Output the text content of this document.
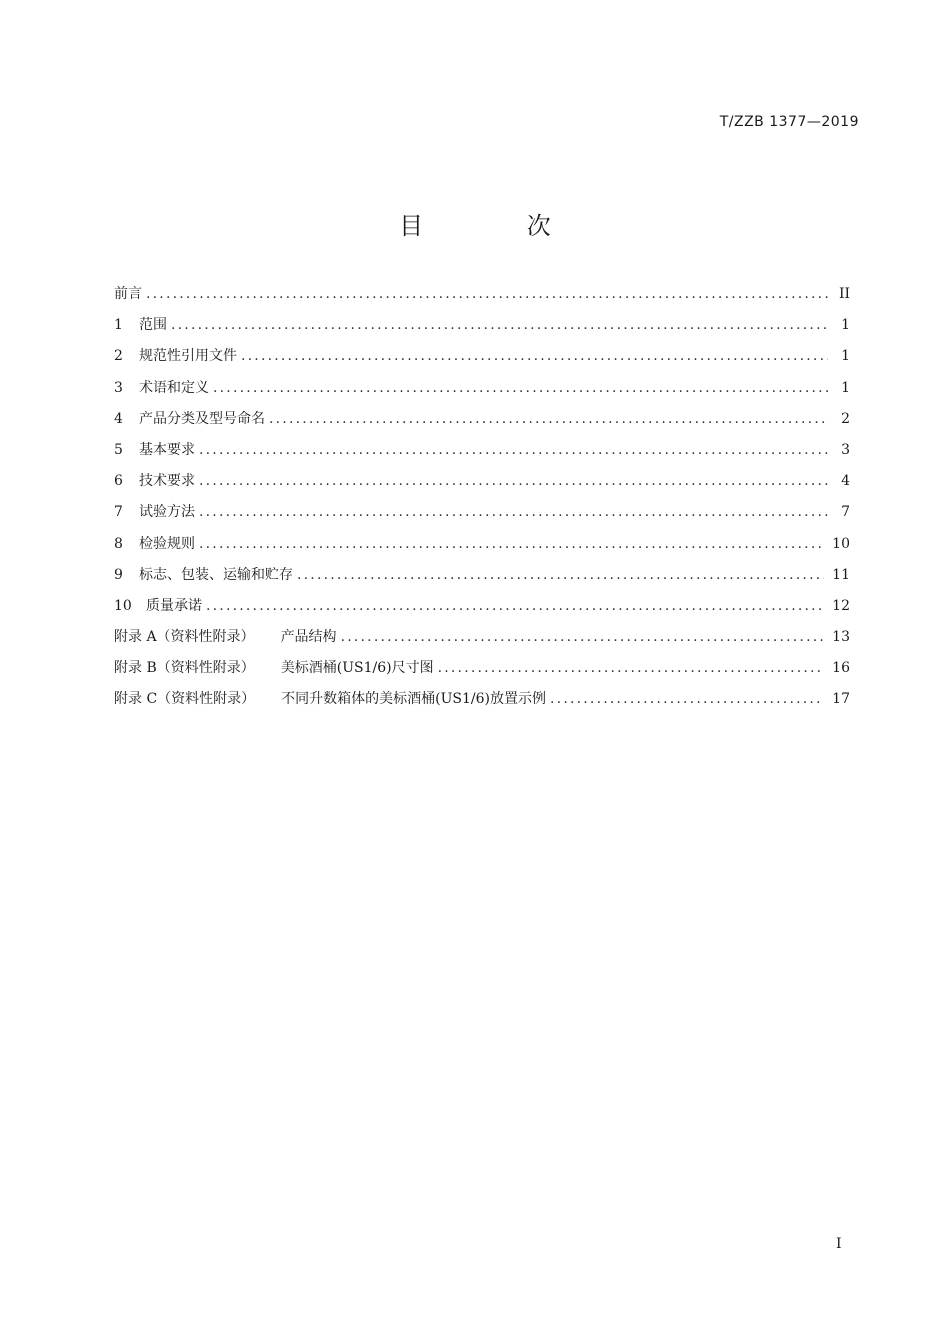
T/ZZB 1377—2019
目 次
前言 .....	II
1	范围 .....	1
2	规范性引用文件 .....	1
3	术语和定义 .....	1
4	产品分类及型号命名 .....	2
5	基本要求 .....	3
6	技术要求 .....	4
7	试验方法 .....	7
8	检验规则 .....	10
9	标志、包装、运输和贮存 .....	11
10	质量承诺 .....	12
附录 A（资料性附录） 产品结构 .....	13
附录 B（资料性附录） 美标酒桶(US1/6)尺寸图 .....	16
附录 C（资料性附录） 不同升数箱体的美标酒桶(US1/6)放置示例 .....	17
I
